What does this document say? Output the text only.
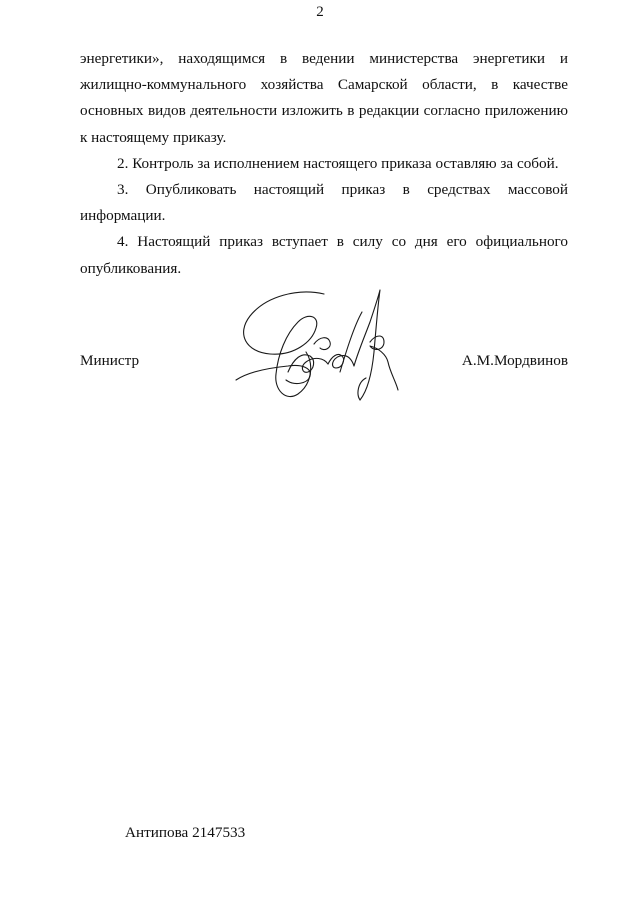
2

энергетики», находящимся в ведении министерства энергетики и жилищно-коммунального хозяйства Самарской области, в качестве основных видов деятельности изложить в редакции согласно приложению к настоящему приказу.

2. Контроль за исполнением настоящего приказа оставляю за собой.

3. Опубликовать настоящий приказ в средствах массовой информации.

4. Настоящий приказ вступает в силу со дня его официального опубликования.

Министр	А.М.Мордвинов
Антипова 2147533
